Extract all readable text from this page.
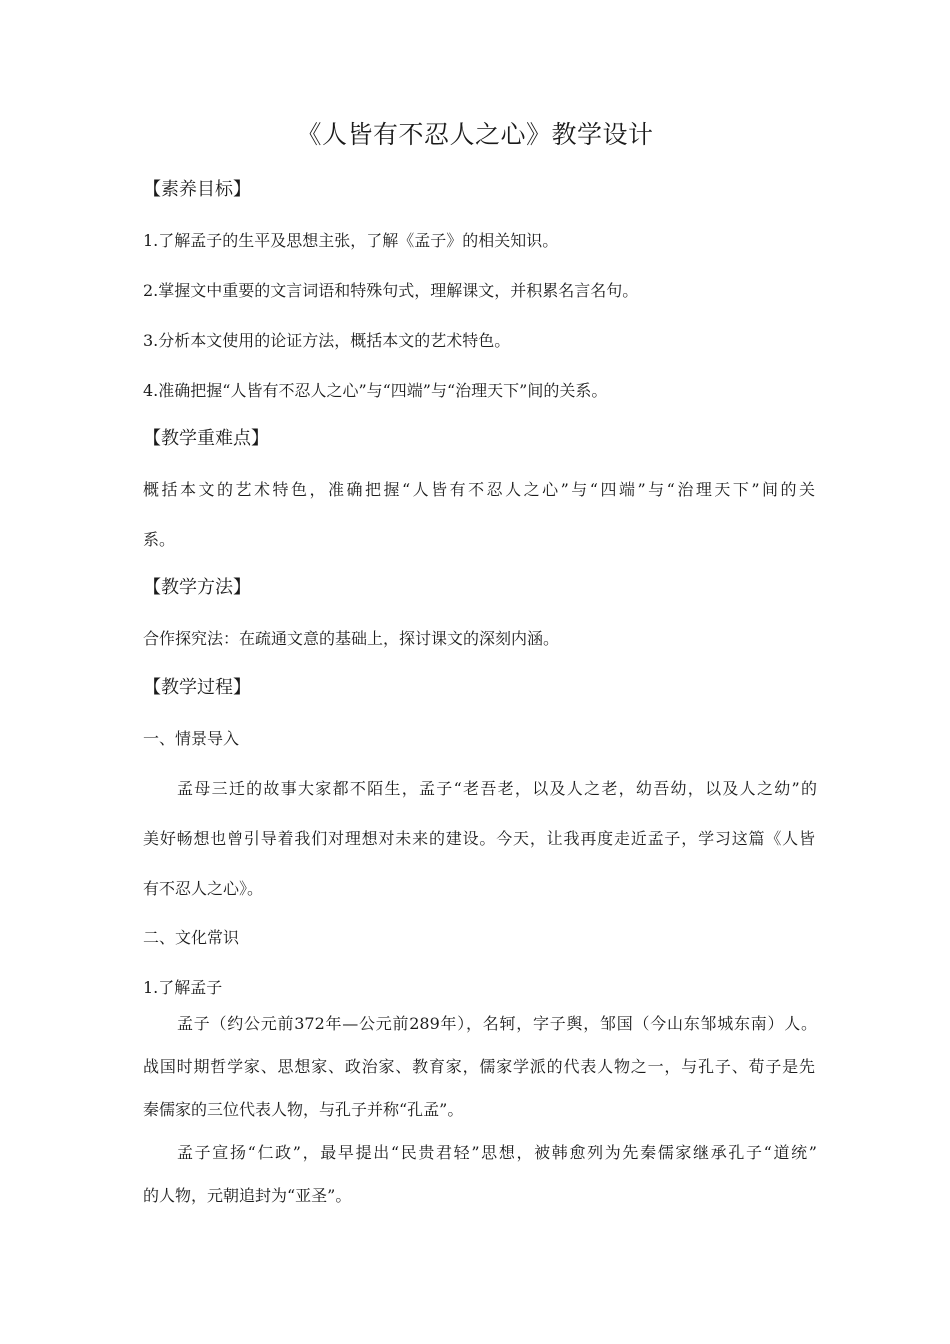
《人皆有不忍人之心》教学设计
【素养目标】
1.了解孟子的生平及思想主张，了解《孟子》的相关知识。
2.掌握文中重要的文言词语和特殊句式，理解课文，并积累名言名句。
3.分析本文使用的论证方法，概括本文的艺术特色。
4.准确把握“人皆有不忍人之心”与“四端”与“治理天下”间的关系。
【教学重难点】
概括本文的艺术特色，准确把握“人皆有不忍人之心”与“四端”与“治理天下”间的关
系。
【教学方法】
合作探究法：在疏通文意的基础上，探讨课文的深刻内涵。
【教学过程】
一、情景导入
孟母三迁的故事大家都不陌生，孟子“老吾老，以及人之老，幼吾幼，以及人之幼”的
美好畅想也曾引导着我们对理想对未来的建设。今天，让我再度走近孟子，学习这篇《人皆
有不忍人之心》。
二、文化常识
1.了解孟子
孟子（约公元前372年—公元前289年），名轲，字子舆，邹国（今山东邹城东南）人。
战国时期哲学家、思想家、政治家、教育家，儒家学派的代表人物之一，与孔子、荀子是先
秦儒家的三位代表人物，与孔子并称“孔孟”。
孟子宣扬“仁政”，最早提出“民贵君轻”思想，被韩愈列为先秦儒家继承孔子“道统”
的人物，元朝追封为“亚圣”。
